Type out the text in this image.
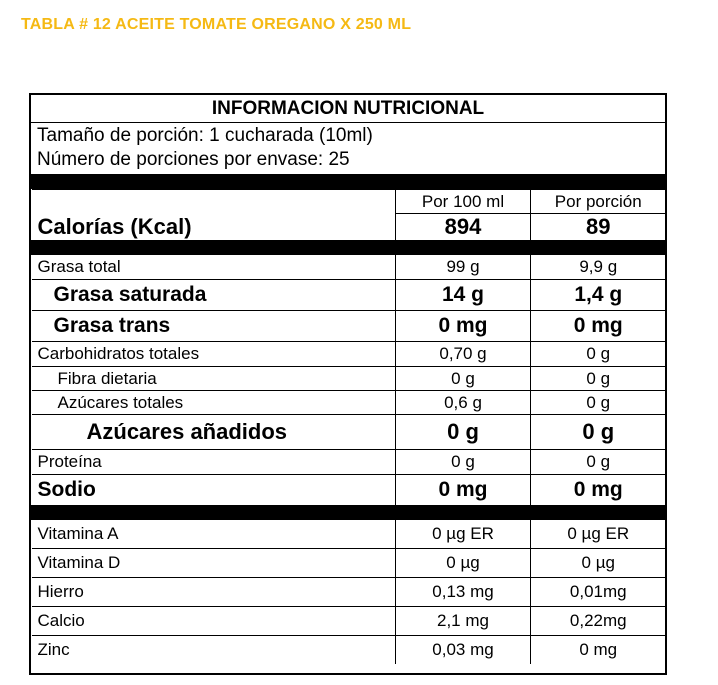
TABLA # 12 ACEITE TOMATE OREGANO X 250 ML
INFORMACION NUTRICIONAL
Tamaño de porción: 1 cucharada (10ml)
Número de porciones por envase: 25
	Por 100 ml	Por porción
Calorías (Kcal)	894	89

Grasa total	99 g	9,9 g
Grasa saturada	14 g	1,4 g
Grasa trans	0 mg	0 mg
Carbohidratos totales	0,70 g	0 g
Fibra dietaria	0 g	0 g
Azúcares totales	0,6 g	0 g
Azúcares añadidos	0 g	0 g
Proteína	0 g	0 g
Sodio	0 mg	0 mg

Vitamina A	0 µg ER	0 µg ER
Vitamina D	0 µg	0 µg
Hierro	0,13 mg	0,01mg
Calcio	2,1 mg	0,22mg
Zinc	0,03 mg	0 mg
